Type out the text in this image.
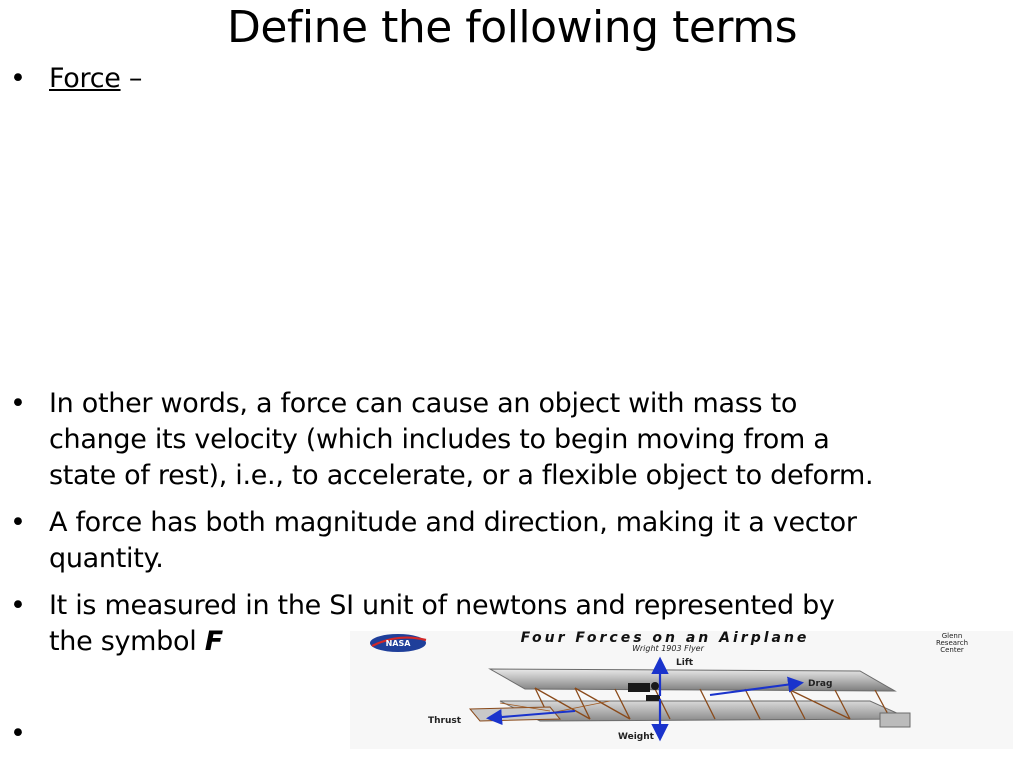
Define the following terms
• Force –
• In other words, a force can cause an object with mass to
change its velocity (which includes to begin moving from a
state of rest), i.e., to accelerate, or a flexible object to deform.
• A force has both magnitude and direction, making it a vector
quantity.
• It is measured in the SI unit of newtons and represented by
the symbol F
•
NASA	Four Forces on an Airplane
Wright 1903 Flyer
Glenn
Research
Center
Lift
Weight
Drag
Thrust
